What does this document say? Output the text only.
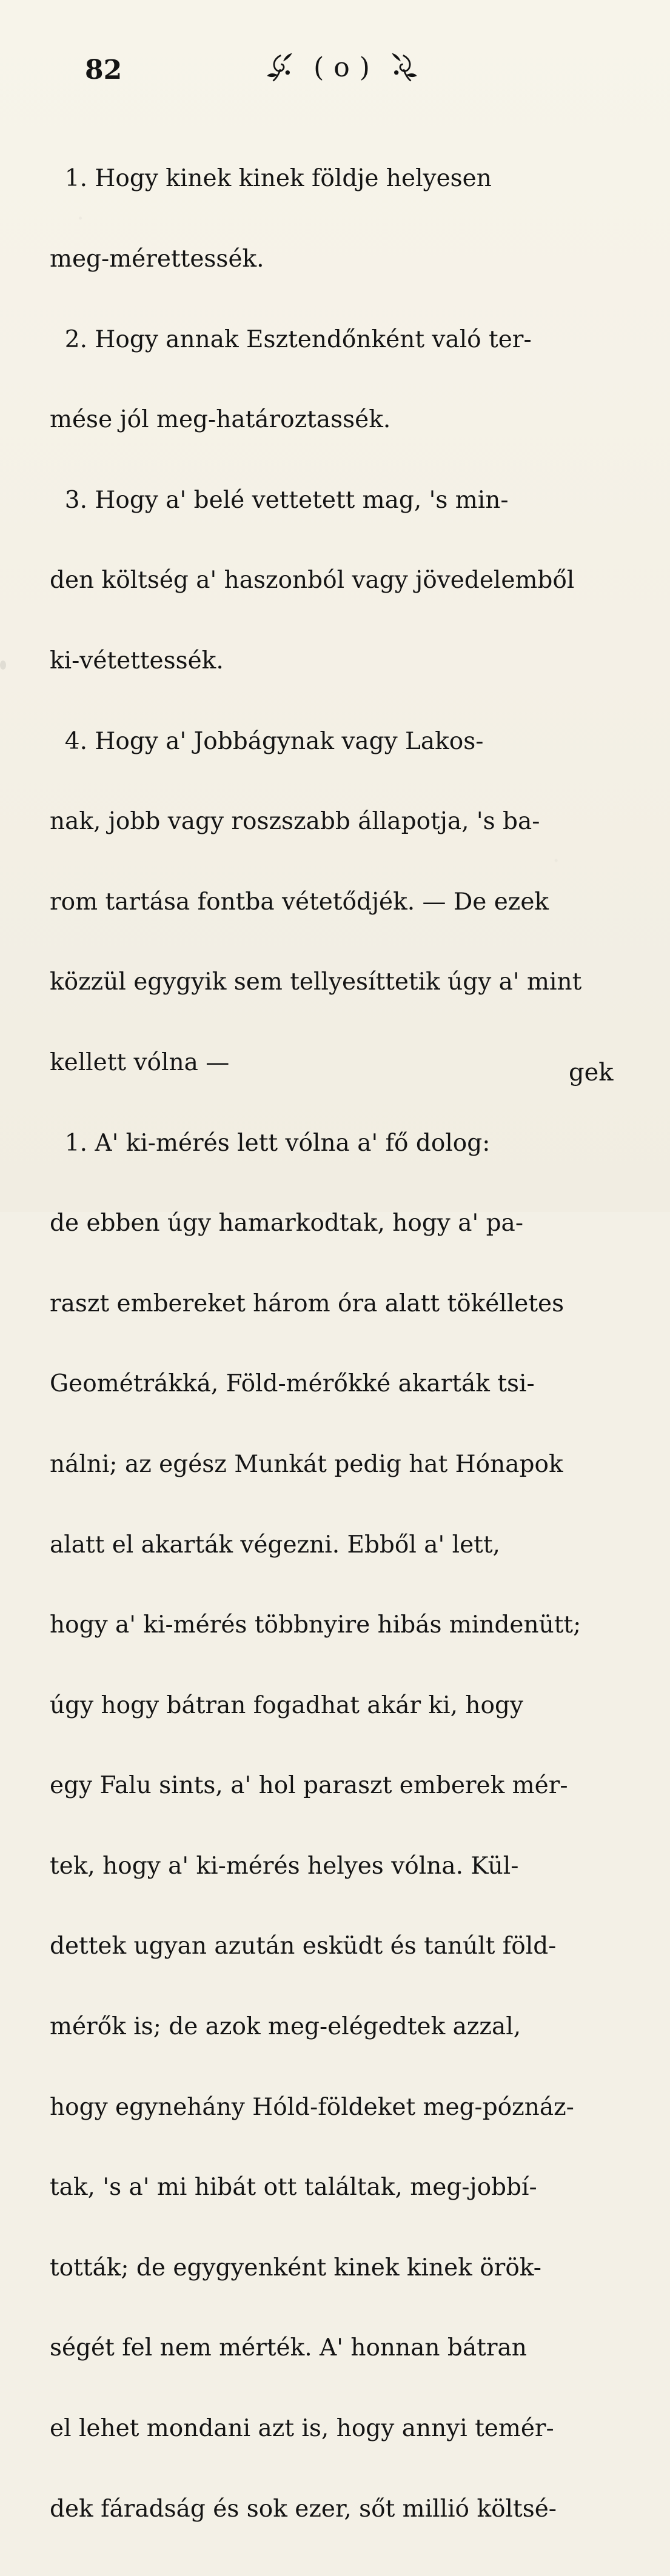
82	( o )

1. Hogy kinek kinek földje helyesen

meg-mérettessék.

2. Hogy annak Esztendőnként való ter-

mése jól meg-határoztassék.

3. Hogy a' belé vettetett mag, 's min-

den költség a' haszonból vagy jövedelemből

ki-vétettessék.

4. Hogy a' Jobbágynak vagy Lakos-

nak, jobb vagy roszszabb állapotja, 's ba-

rom tartása fontba vétetődjék. — De ezek

közzül egygyik sem tellyesíttetik úgy a' mint

kellett vólna —

1. A' ki-mérés lett vólna a' fő dolog:

de ebben úgy hamarkodtak, hogy a' pa-

raszt embereket három óra alatt tökélletes

Geométrákká, Föld-mérőkké akarták tsi-

nálni; az egész Munkát pedig hat Hónapok

alatt el akarták végezni. Ebből a' lett,

hogy a' ki-mérés többnyire hibás mindenütt;

úgy hogy bátran fogadhat akár ki, hogy

egy Falu sints, a' hol paraszt emberek mér-

tek, hogy a' ki-mérés helyes vólna. Kül-

dettek ugyan azután esküdt és tanúlt föld-

mérők is; de azok meg-elégedtek azzal,

hogy egynehány Hóld-földeket meg-póznáz-

tak, 's a' mi hibát ott találtak, meg-jobbí-

tották; de egygyenként kinek kinek örök-

ségét fel nem mérték. A' honnan bátran

el lehet mondani azt is, hogy annyi temér-

dek fáradság és sok ezer, sőt millió költsé-

gek
